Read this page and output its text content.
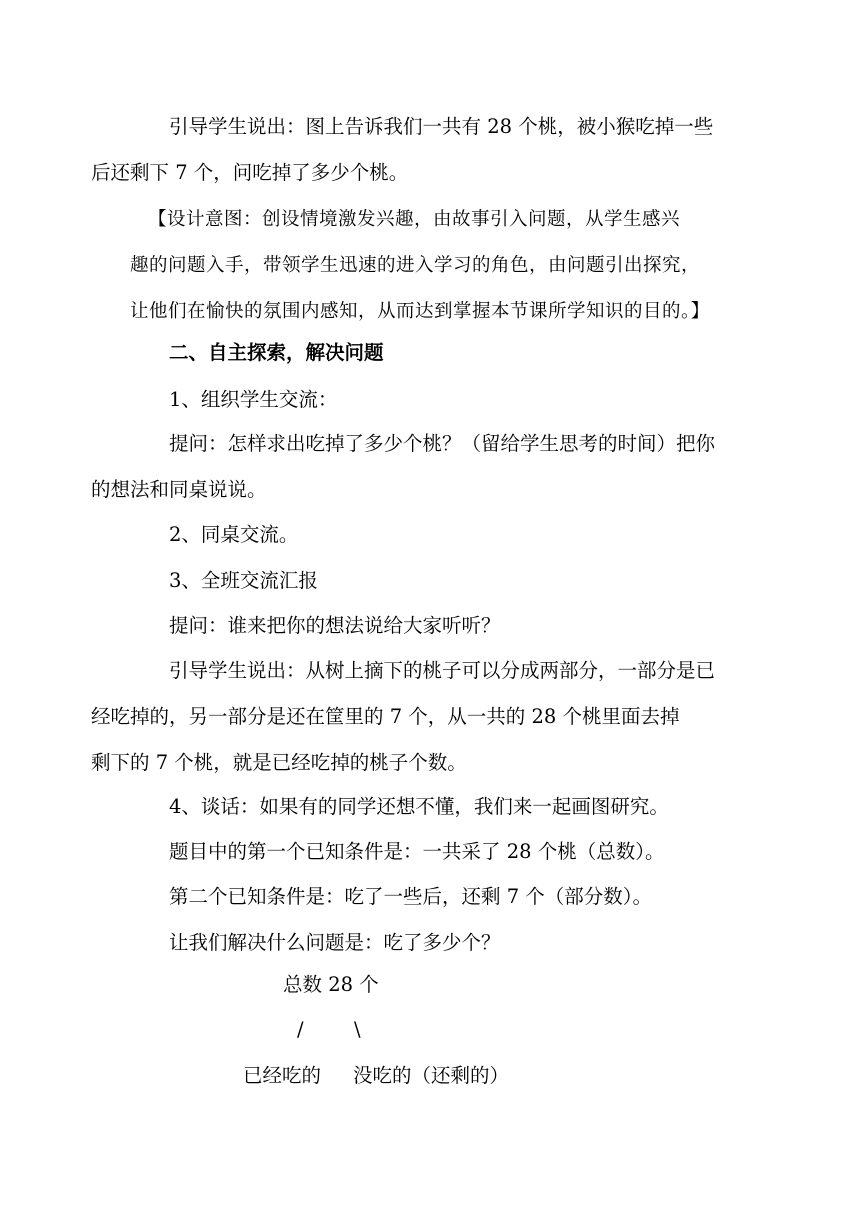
引导学生说出：图上告诉我们一共有 28 个桃，被小猴吃掉一些
后还剩下 7 个，问吃掉了多少个桃。

【设计意图：创设情境激发兴趣，由故事引入问题，从学生感兴
趣的问题入手，带领学生迅速的进入学习的角色，由问题引出探究，
让他们在愉快的氛围内感知，从而达到掌握本节课所学知识的目的。】

二、自主探索，解决问题

1、组织学生交流：

提问：怎样求出吃掉了多少个桃？（留给学生思考的时间）把你
的想法和同桌说说。

2、同桌交流。

3、全班交流汇报

提问：谁来把你的想法说给大家听听？

引导学生说出：从树上摘下的桃子可以分成两部分，一部分是已
经吃掉的，另一部分是还在筐里的 7 个，从一共的 28 个桃里面去掉
剩下的 7 个桃，就是已经吃掉的桃子个数。

4、谈话：如果有的同学还想不懂，我们来一起画图研究。

题目中的第一个已知条件是：一共采了 28 个桃（总数）。

第二个已知条件是：吃了一些后，还剩 7 个（部分数）。

让我们解决什么问题是：吃了多少个？

总数 28 个
/	\
已经吃的 没吃的（还剩的）
